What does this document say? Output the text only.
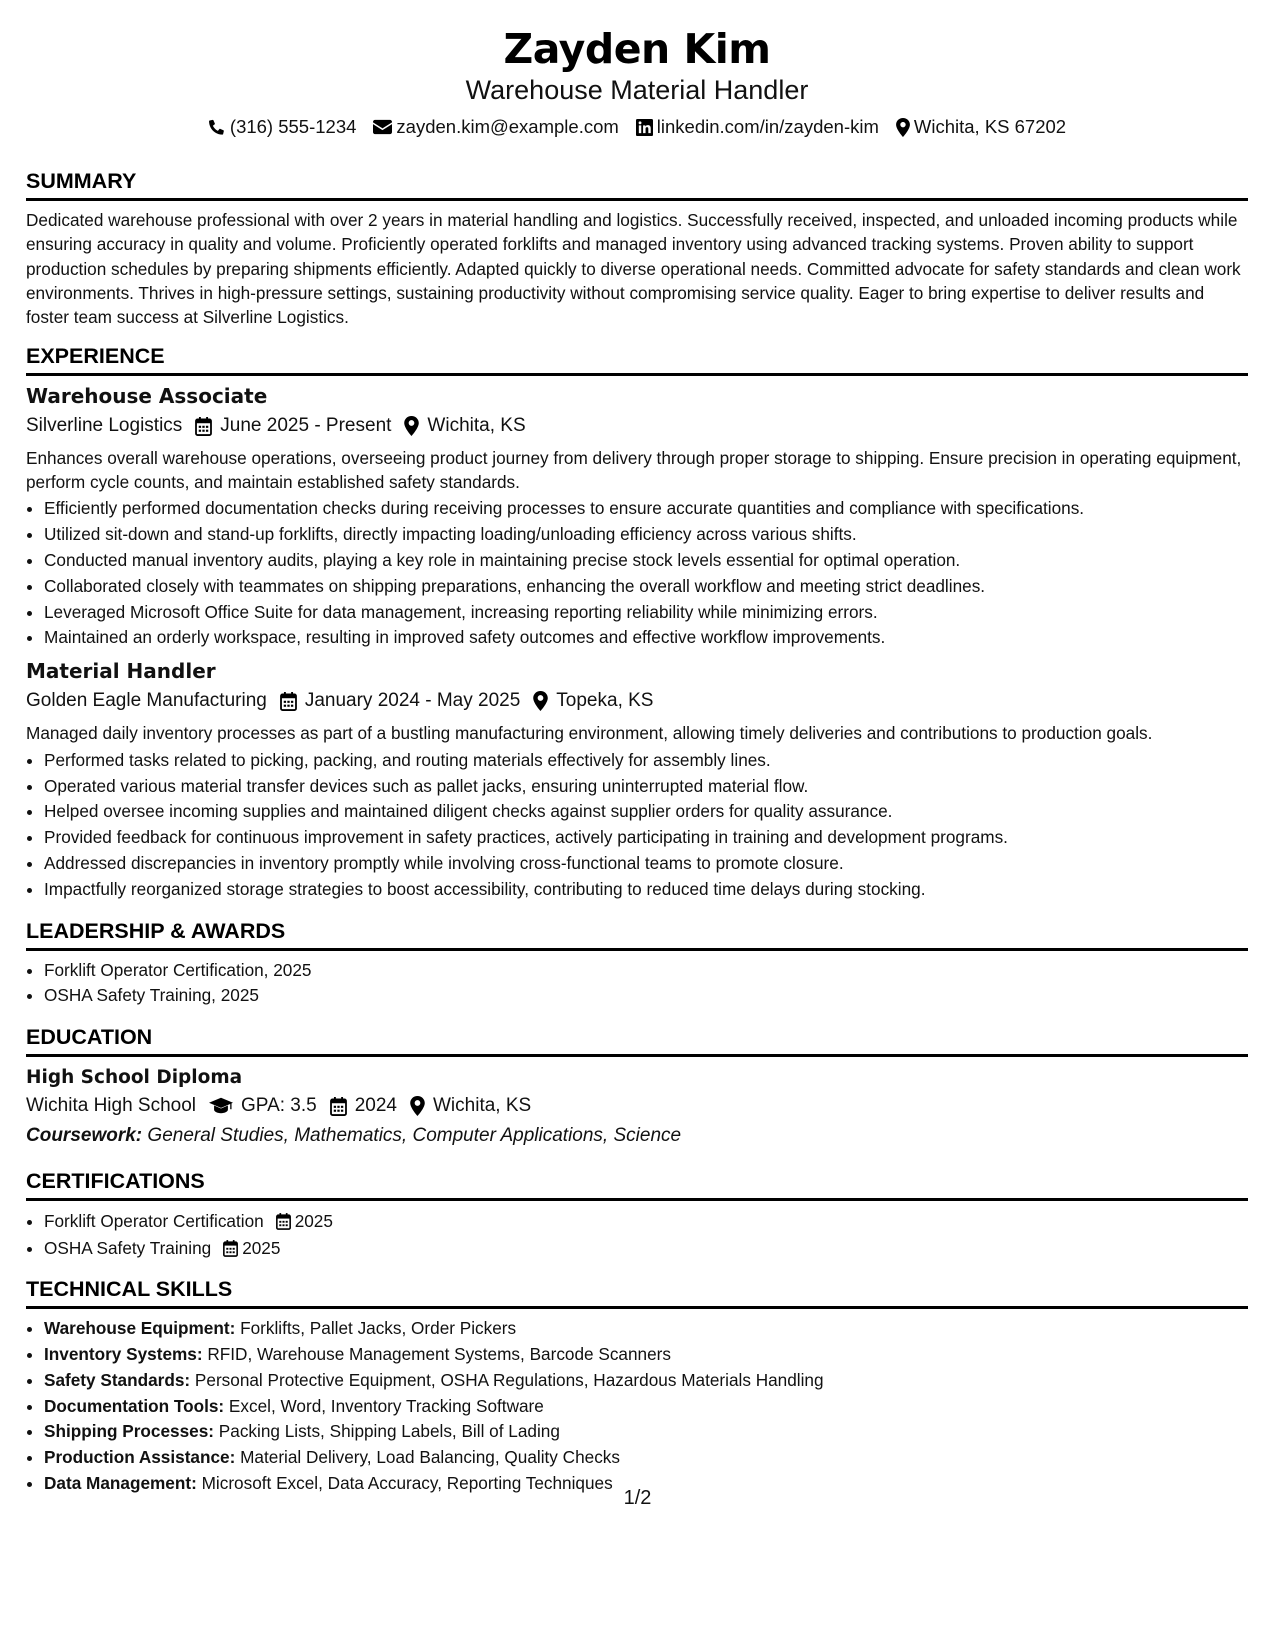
Zayden Kim
Warehouse Material Handler
(316) 555-1234 zayden.kim@example.com linkedin.com/in/zayden-kim Wichita, KS 67202
SUMMARY
Dedicated warehouse professional with over 2 years in material handling and logistics. Successfully received, inspected, and unloaded incoming products while ensuring accuracy in quality and volume. Proficiently operated forklifts and managed inventory using advanced tracking systems. Proven ability to support production schedules by preparing shipments efficiently. Adapted quickly to diverse operational needs. Committed advocate for safety standards and clean work environments. Thrives in high-pressure settings, sustaining productivity without compromising service quality. Eager to bring expertise to deliver results and foster team success at Silverline Logistics.
EXPERIENCE
Warehouse Associate
Silverline Logistics June 2025 - Present Wichita, KS
Enhances overall warehouse operations, overseeing product journey from delivery through proper storage to shipping. Ensure precision in operating equipment, perform cycle counts, and maintain established safety standards.
• Efficiently performed documentation checks during receiving processes to ensure accurate quantities and compliance with specifications.
• Utilized sit-down and stand-up forklifts, directly impacting loading/unloading efficiency across various shifts.
• Conducted manual inventory audits, playing a key role in maintaining precise stock levels essential for optimal operation.
• Collaborated closely with teammates on shipping preparations, enhancing the overall workflow and meeting strict deadlines.
• Leveraged Microsoft Office Suite for data management, increasing reporting reliability while minimizing errors.
• Maintained an orderly workspace, resulting in improved safety outcomes and effective workflow improvements.
Material Handler
Golden Eagle Manufacturing January 2024 - May 2025 Topeka, KS
Managed daily inventory processes as part of a bustling manufacturing environment, allowing timely deliveries and contributions to production goals.
• Performed tasks related to picking, packing, and routing materials effectively for assembly lines.
• Operated various material transfer devices such as pallet jacks, ensuring uninterrupted material flow.
• Helped oversee incoming supplies and maintained diligent checks against supplier orders for quality assurance.
• Provided feedback for continuous improvement in safety practices, actively participating in training and development programs.
• Addressed discrepancies in inventory promptly while involving cross-functional teams to promote closure.
• Impactfully reorganized storage strategies to boost accessibility, contributing to reduced time delays during stocking.
LEADERSHIP & AWARDS
• Forklift Operator Certification, 2025
• OSHA Safety Training, 2025
EDUCATION
High School Diploma
Wichita High School GPA: 3.5 2024 Wichita, KS
Coursework: General Studies, Mathematics, Computer Applications, Science
CERTIFICATIONS
• Forklift Operator Certification 2025
• OSHA Safety Training 2025
TECHNICAL SKILLS
• Warehouse Equipment: Forklifts, Pallet Jacks, Order Pickers
• Inventory Systems: RFID, Warehouse Management Systems, Barcode Scanners
• Safety Standards: Personal Protective Equipment, OSHA Regulations, Hazardous Materials Handling
• Documentation Tools: Excel, Word, Inventory Tracking Software
• Shipping Processes: Packing Lists, Shipping Labels, Bill of Lading
• Production Assistance: Material Delivery, Load Balancing, Quality Checks
• Data Management: Microsoft Excel, Data Accuracy, Reporting Techniques
1/2
